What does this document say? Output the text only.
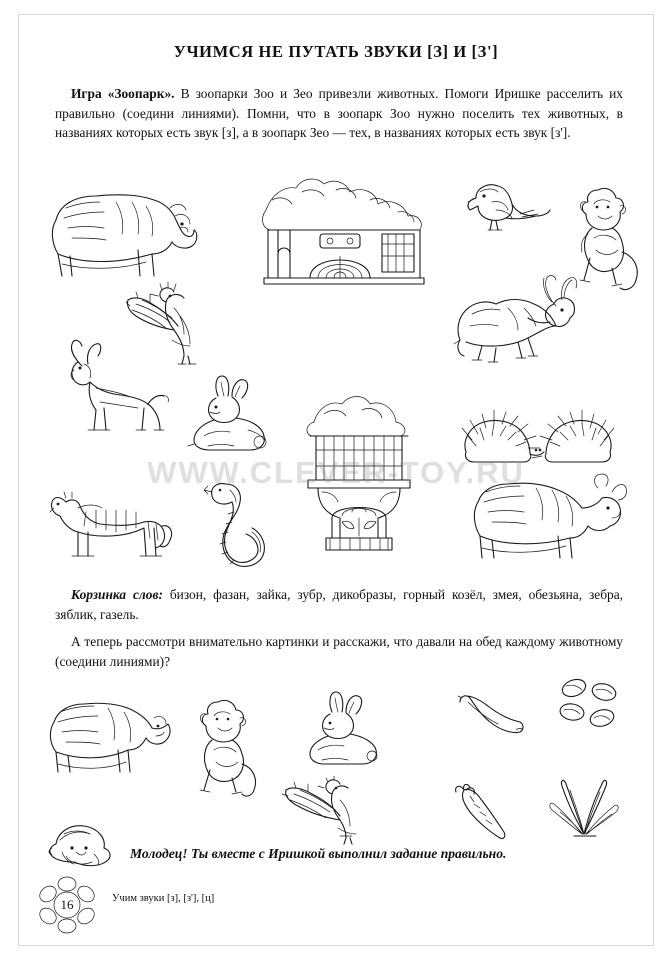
УЧИМСЯ НЕ ПУТАТЬ ЗВУКИ [З] И [З']
Игра «Зоопарк». В зоопарки Зоо и Зео привезли животных. Помоги Иришке расселить их правильно (соедини линиями). Помни, что в зоопарк Зоо нужно поселить тех животных, в названиях которых есть звук [з], а в зоопарк Зео — тех, в названиях которых есть звук [з'].
WWW.CLEVER-TOY.RU
Корзинка слов: бизон, фазан, зайка, зубр, дикобразы, горный козёл, змея, обезьяна, зебра, зяблик, газель.
А теперь рассмотри внимательно картинки и расскажи, что давали на обед каждому животному (соедини линиями)?
Молодец! Ты вместе с Иришкой выполнил задание правильно.
16	Учим звуки [з], [з'], [ц]
